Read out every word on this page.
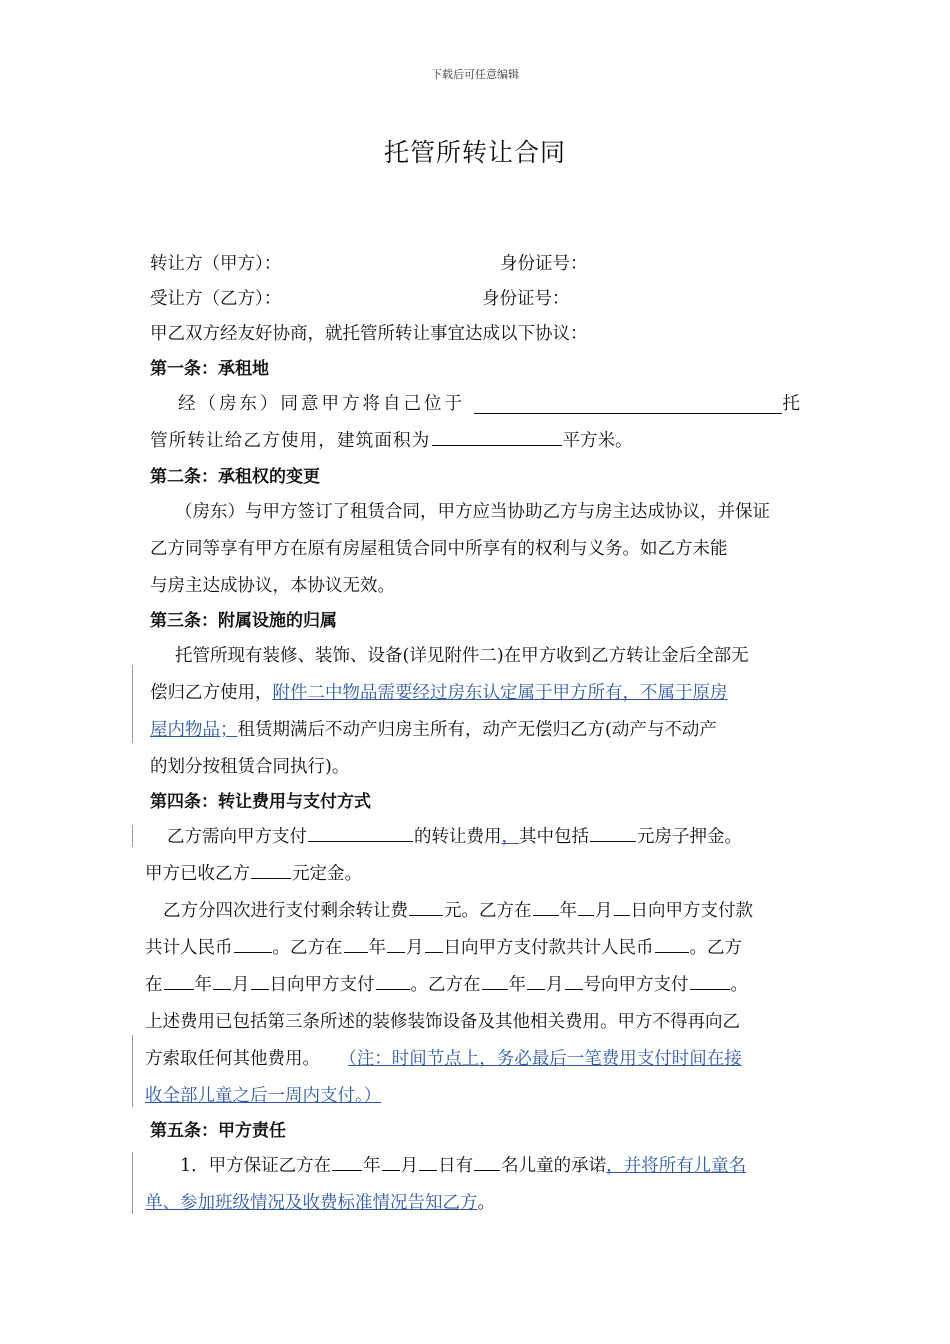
下载后可任意编辑
托管所转让合同
转让方（甲方）：	身份证号：
受让方（乙方）：	身份证号：
甲乙双方经友好协商，就托管所转让事宜达成以下协议：
第一条：承租地
经（房东）同意甲方将自己位于	托
管所转让给乙方使用，建筑面积为	平方米。
第二条：承租权的变更
（房东）与甲方签订了租赁合同，甲方应当协助乙方与房主达成协议，并保证
乙方同等享有甲方在原有房屋租赁合同中所享有的权利与义务。如乙方未能
与房主达成协议，本协议无效。
第三条：附属设施的归属
托管所现有装修、装饰、设备(详见附件二)在甲方收到乙方转让金后全部无
偿归乙方使用，附件二中物品需要经过房东认定属于甲方所有，不属于原房
屋内物品；租赁期满后不动产归房主所有，动产无偿归乙方(动产与不动产
的划分按租赁合同执行)。
第四条：转让费用与支付方式
乙方需向甲方支付	的转让费用，其中包括	元房子押金。
甲方已收乙方 元定金。
乙方分四次进行支付剩余转让费 元。乙方在 年 月 日向甲方支付款
共计人民币 。乙方在 年 月 日向甲方支付款共计人民币 。乙方
在 年 月 日向甲方支付 。乙方在 年 月 号向甲方支付 。
上述费用已包括第三条所述的装修装饰设备及其他相关费用。甲方不得再向乙
方索取任何其他费用。 （注：时间节点上，务必最后一笔费用支付时间在接
收全部儿童之后一周内支付。）
第五条：甲方责任
1．甲方保证乙方在 年 月 日有 名儿童的承诺，并将所有儿童名
单、参加班级情况及收费标准情况告知乙方。
